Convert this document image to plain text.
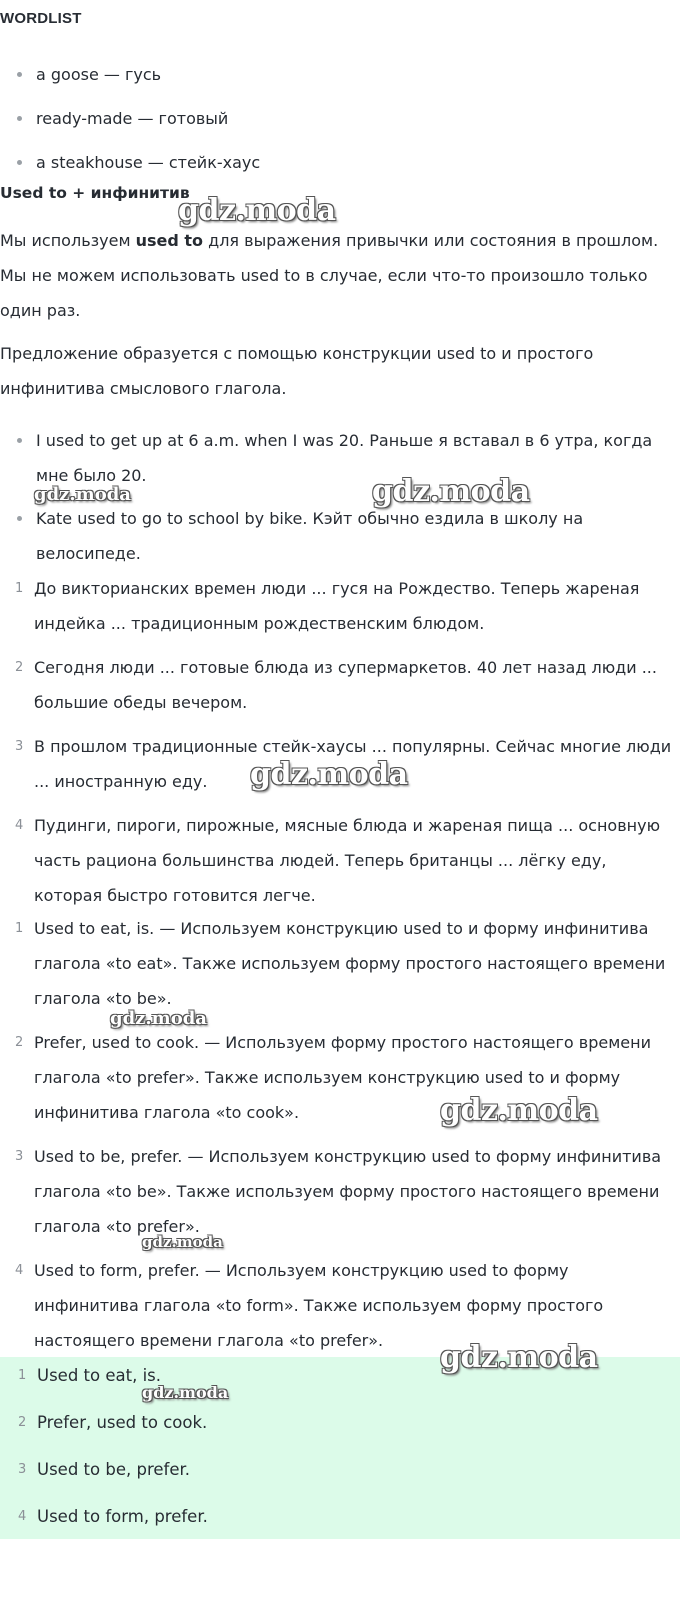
WORDLIST
a goose — гусь
ready-made — готовый
a steakhouse — стейк-хаус
Used to + инфинитив

Мы используем used to для выражения привычки или состояния в прошлом. Мы не можем использовать used to в случае, если что-то произошло только один раз.

Предложение образуется с помощью конструкции used to и простого инфинитива смыслового глагола.

I used to get up at 6 a.m. when I was 20. Раньше я вставал в 6 утра, когда мне было 20.
Kate used to go to school by bike. Кэйт обычно ездила в школу на велосипеде.
1 До викторианских времен люди ... гуся на Рождество. Теперь жареная индейка ... традиционным рождественским блюдом.
2 Сегодня люди ... готовые блюда из супермаркетов. 40 лет назад люди ... большие обеды вечером.
3 В прошлом традиционные стейк-хаусы ... популярны. Сейчас многие люди ... иностранную еду.
4 Пудинги, пироги, пирожные, мясные блюда и жареная пища ... основную часть рациона большинства людей. Теперь британцы ... лёгку еду, которая быстро готовится легче.
1 Used to eat, is. — Используем конструкцию used to и форму инфинитива глагола «to eat». Также используем форму простого настоящего времени глагола «to be».
2 Prefer, used to cook. — Используем форму простого настоящего времени глагола «to prefer». Также используем конструкцию used to и форму инфинитива глагола «to cook».
3 Used to be, prefer. — Используем конструкцию used to форму инфинитива глагола «to be». Также используем форму простого настоящего времени глагола «to prefer».
4 Used to form, prefer. — Используем конструкцию used to форму инфинитива глагола «to form». Также используем форму простого настоящего времени глагола «to prefer».
1 Used to eat, is.
2 Prefer, used to cook.
3 Used to be, prefer.
4 Used to form, prefer.
gdz.moda
gdz.moda	gdz.moda
gdz.moda
gdz.moda
gdz.moda
gdz.moda
gdz.moda
gdz.moda
